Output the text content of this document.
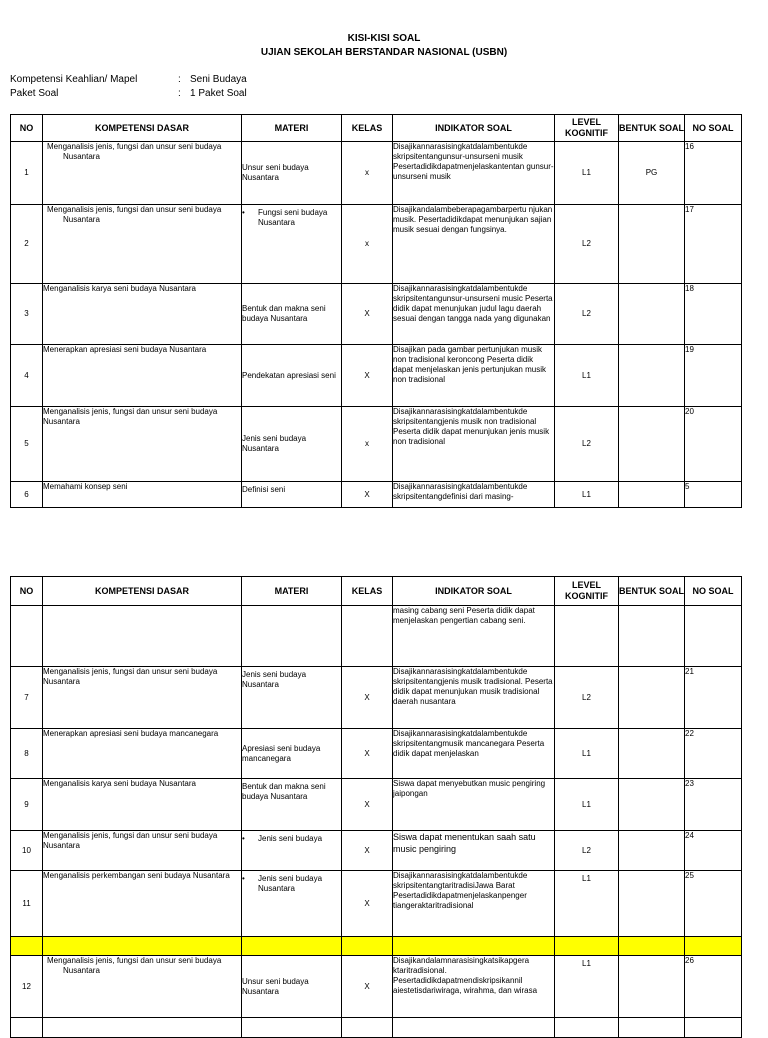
KISI-KISI SOAL
UJIAN SEKOLAH BERSTANDAR NASIONAL (USBN)
Kompetensi Keahlian/ Mapel	: Seni Budaya
Paket Soal	: 1 Paket Soal
NO	KOMPETENSI DASAR	MATERI	KELAS	INDIKATOR SOAL	LEVEL KOGNITIF	BENTUK SOAL	NO SOAL
1	Menganalisis jenis, fungsi dan unsur seni budaya Nusantara	Unsur seni budaya Nusantara	x	Disajikannarasisingkatdalambentukde skripsitentangunsur-unsurseni musik Pesertadidikdapatmenjelaskantentan gunsur-unsurseni musik	L1	PG	16
2	Menganalisis jenis, fungsi dan unsur seni budaya Nusantara	• Fungsi seni budaya Nusantara	x	Disajikandalambeberapagambarpertu njukan musik. Pesertadidikdapat menunjukan sajian musik sesuai dengan fungsinya.	L2		17
3	Menganalisis karya seni budaya Nusantara	Bentuk dan makna seni budaya Nusantara	X	Disajikannarasisingkatdalambentukde skripsitentangunsur-unsurseni music Peserta didik dapat menunjukan judul lagu daerah sesuai dengan tangga nada yang digunakan	L2		18
4	Menerapkan apresiasi seni budaya Nusantara	Pendekatan apresiasi seni	X	Disajikan pada gambar pertunjukan musik non tradisional keroncong Peserta didik dapat menjelaskan jenis pertunjukan musik non tradisional	L1		19
5	Menganalisis jenis, fungsi dan unsur seni budaya Nusantara	Jenis seni budaya Nusantara	x	Disajikannarasisingkatdalambentukde skripsitentangjenis musik non tradisional Peserta didik dapat menunjukan jenis musik non tradisional	L2		20
6	Memahami konsep seni	Definisi seni	X	Disajikannarasisingkatdalambentukde skripsitentangdefinisi dari masing-	L1		5
NO	KOMPETENSI DASAR	MATERI	KELAS	INDIKATOR SOAL	LEVEL KOGNITIF	BENTUK SOAL	NO SOAL
				masing cabang seni Peserta didik dapat menjelaskan pengertian cabang seni.			
7	Menganalisis jenis, fungsi dan unsur seni budaya Nusantara	Jenis seni budaya Nusantara	X	Disajikannarasisingkatdalambentukde skripsitentangjenis musik tradisional. Peserta didik dapat menunjukan musik tradisional daerah nusantara	L2		21
8	Menerapkan apresiasi seni budaya mancanegara	Apresiasi seni budaya mancanegara	X	Disajikannarasisingkatdalambentukde skripsitentangmusik mancanegara Peserta didik dapat menjelaskan	L1		22
9	Menganalisis karya seni budaya Nusantara	Bentuk dan makna seni budaya Nusantara	X	Siswa dapat menyebutkan music pengiring jaipongan	L1		23
10	Menganalisis jenis, fungsi dan unsur seni budaya Nusantara	• Jenis seni budaya	X	Siswa dapat menentukan saah satu music pengiring	L2		24
11	Menganalisis perkembangan seni budaya Nusantara	• Jenis seni budaya Nusantara	X	Disajikannarasisingkatdalambentukde skripsitentangtaritradisiJawa Barat Pesertadidikdapatmenjelaskanpenger tiangeraktaritradisional	L1		25

12	Menganalisis jenis, fungsi dan unsur seni budaya Nusantara	Unsur seni budaya Nusantara	X	Disajikandalamnarasisingkatsikapgera ktaritradisional. Pesertadidikdapatmendiskripsikannil aiestetisdariwiraga, wirahma, dan wirasa	L1		26
